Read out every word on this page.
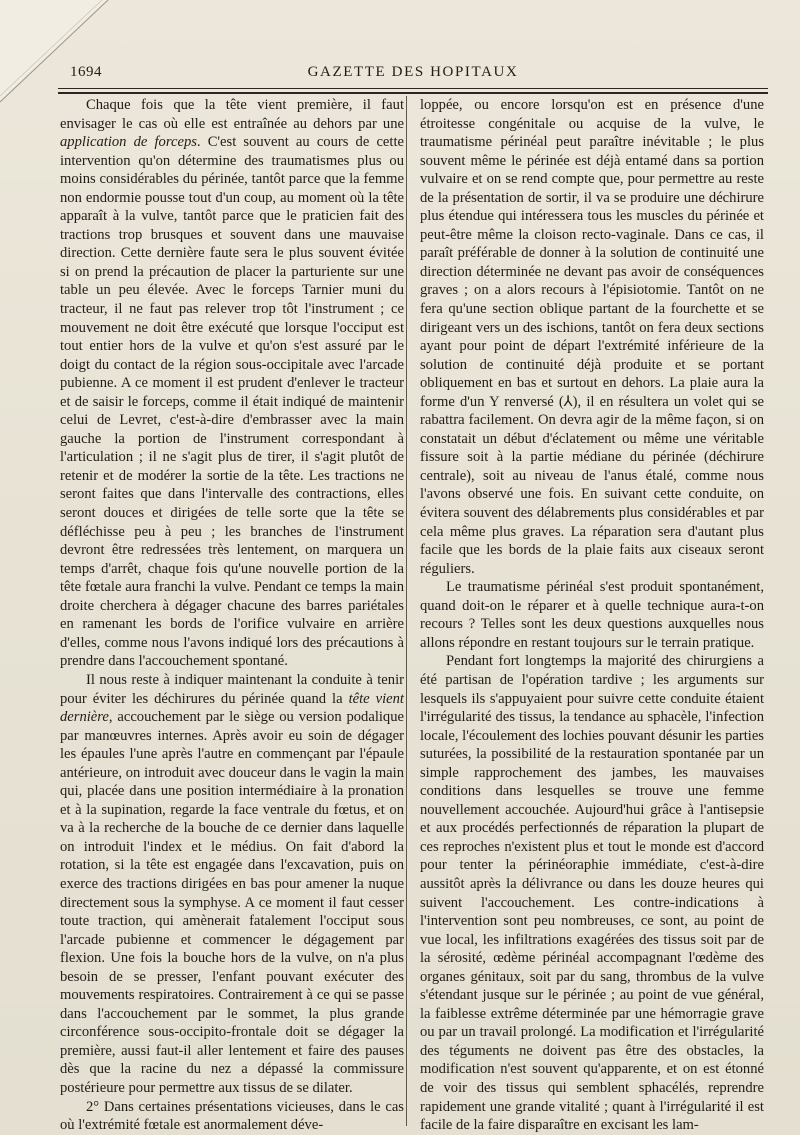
1694	GAZETTE DES HOPITAUX

Chaque fois que la tête vient première, il faut envisager le cas où elle est entraînée au dehors par une application de forceps. C'est souvent au cours de cette intervention qu'on détermine des traumatismes plus ou moins considérables du périnée, tantôt parce que la femme non endormie pousse tout d'un coup, au moment où la tête apparaît à la vulve, tantôt parce que le praticien fait des tractions trop brusques et souvent dans une mauvaise direction. Cette dernière faute sera le plus souvent évitée si on prend la précaution de placer la parturiente sur une table un peu élevée. Avec le forceps Tarnier muni du tracteur, il ne faut pas relever trop tôt l'instrument ; ce mouvement ne doit être exécuté que lorsque l'occiput est tout entier hors de la vulve et qu'on s'est assuré par le doigt du contact de la région sous-occipitale avec l'arcade pubienne. A ce moment il est prudent d'enlever le tracteur et de saisir le forceps, comme il était indiqué de maintenir celui de Levret, c'est-à-dire d'embrasser avec la main gauche la portion de l'instrument correspondant à l'articulation ; il ne s'agit plus de tirer, il s'agit plutôt de retenir et de modérer la sortie de la tête. Les tractions ne seront faites que dans l'intervalle des contractions, elles seront douces et dirigées de telle sorte que la tête se défléchisse peu à peu ; les branches de l'instrument devront être redressées très lentement, on marquera un temps d'arrêt, chaque fois qu'une nouvelle portion de la tête fœtale aura franchi la vulve. Pendant ce temps la main droite cherchera à dégager chacune des barres pariétales en ramenant les bords de l'orifice vulvaire en arrière d'elles, comme nous l'avons indiqué lors des précautions à prendre dans l'accouchement spontané.

Il nous reste à indiquer maintenant la conduite à tenir pour éviter les déchirures du périnée quand la tête vient dernière, accouchement par le siège ou version podalique par manœuvres internes. Après avoir eu soin de dégager les épaules l'une après l'autre en commençant par l'épaule antérieure, on introduit avec douceur dans le vagin la main qui, placée dans une position intermédiaire à la pronation et à la supination, regarde la face ventrale du fœtus, et on va à la recherche de la bouche de ce dernier dans laquelle on introduit l'index et le médius. On fait d'abord la rotation, si la tête est engagée dans l'excavation, puis on exerce des tractions dirigées en bas pour amener la nuque directement sous la symphyse. A ce moment il faut cesser toute traction, qui amènerait fatalement l'occiput sous l'arcade pubienne et commencer le dégagement par flexion. Une fois la bouche hors de la vulve, on n'a plus besoin de se presser, l'enfant pouvant exécuter des mouvements respiratoires. Contrairement à ce qui se passe dans l'accouchement par le sommet, la plus grande circonférence sous-occipito-frontale doit se dégager la première, aussi faut-il aller lentement et faire des pauses dès que la racine du nez a dépassé la commissure postérieure pour permettre aux tissus de se dilater.

2° Dans certaines présentations vicieuses, dans le cas où l'extrémité fœtale est anormalement déve-

loppée, ou encore lorsqu'on est en présence d'une étroitesse congénitale ou acquise de la vulve, le traumatisme périnéal peut paraître inévitable ; le plus souvent même le périnée est déjà entamé dans sa portion vulvaire et on se rend compte que, pour permettre au reste de la présentation de sortir, il va se produire une déchirure plus étendue qui intéressera tous les muscles du périnée et peut-être même la cloison recto-vaginale. Dans ce cas, il paraît préférable de donner à la solution de continuité une direction déterminée ne devant pas avoir de conséquences graves ; on a alors recours à l'épisiotomie. Tantôt on ne fera qu'une section oblique partant de la fourchette et se dirigeant vers un des ischions, tantôt on fera deux sections ayant pour point de départ l'extrémité inférieure de la solution de continuité déjà produite et se portant obliquement en bas et surtout en dehors. La plaie aura la forme d'un Y renversé (⅄), il en résultera un volet qui se rabattra facilement. On devra agir de la même façon, si on constatait un début d'éclatement ou même une véritable fissure soit à la partie médiane du périnée (déchirure centrale), soit au niveau de l'anus étalé, comme nous l'avons observé une fois. En suivant cette conduite, on évitera souvent des délabrements plus considérables et par cela même plus graves. La réparation sera d'autant plus facile que les bords de la plaie faits aux ciseaux seront réguliers.

Le traumatisme périnéal s'est produit spontanément, quand doit-on le réparer et à quelle technique aura-t-on recours ? Telles sont les deux questions auxquelles nous allons répondre en restant toujours sur le terrain pratique.

Pendant fort longtemps la majorité des chirurgiens a été partisan de l'opération tardive ; les arguments sur lesquels ils s'appuyaient pour suivre cette conduite étaient l'irrégularité des tissus, la tendance au sphacèle, l'infection locale, l'écoulement des lochies pouvant désunir les parties suturées, la possibilité de la restauration spontanée par un simple rapprochement des jambes, les mauvaises conditions dans lesquelles se trouve une femme nouvellement accouchée. Aujourd'hui grâce à l'antisepsie et aux procédés perfectionnés de réparation la plupart de ces reproches n'existent plus et tout le monde est d'accord pour tenter la périnéoraphie immédiate, c'est-à-dire aussitôt après la délivrance ou dans les douze heures qui suivent l'accouchement. Les contre-indications à l'intervention sont peu nombreuses, ce sont, au point de vue local, les infiltrations exagérées des tissus soit par de la sérosité, œdème périnéal accompagnant l'œdème des organes génitaux, soit par du sang, thrombus de la vulve s'étendant jusque sur le périnée ; au point de vue général, la faiblesse extrême déterminée par une hémorragie grave ou par un travail prolongé. La modification et l'irrégularité des téguments ne doivent pas être des obstacles, la modification n'est souvent qu'apparente, et on est étonné de voir des tissus qui semblent sphacélés, reprendre rapidement une grande vitalité ; quant à l'irrégularité il est facile de la faire disparaître en excisant les lam-
